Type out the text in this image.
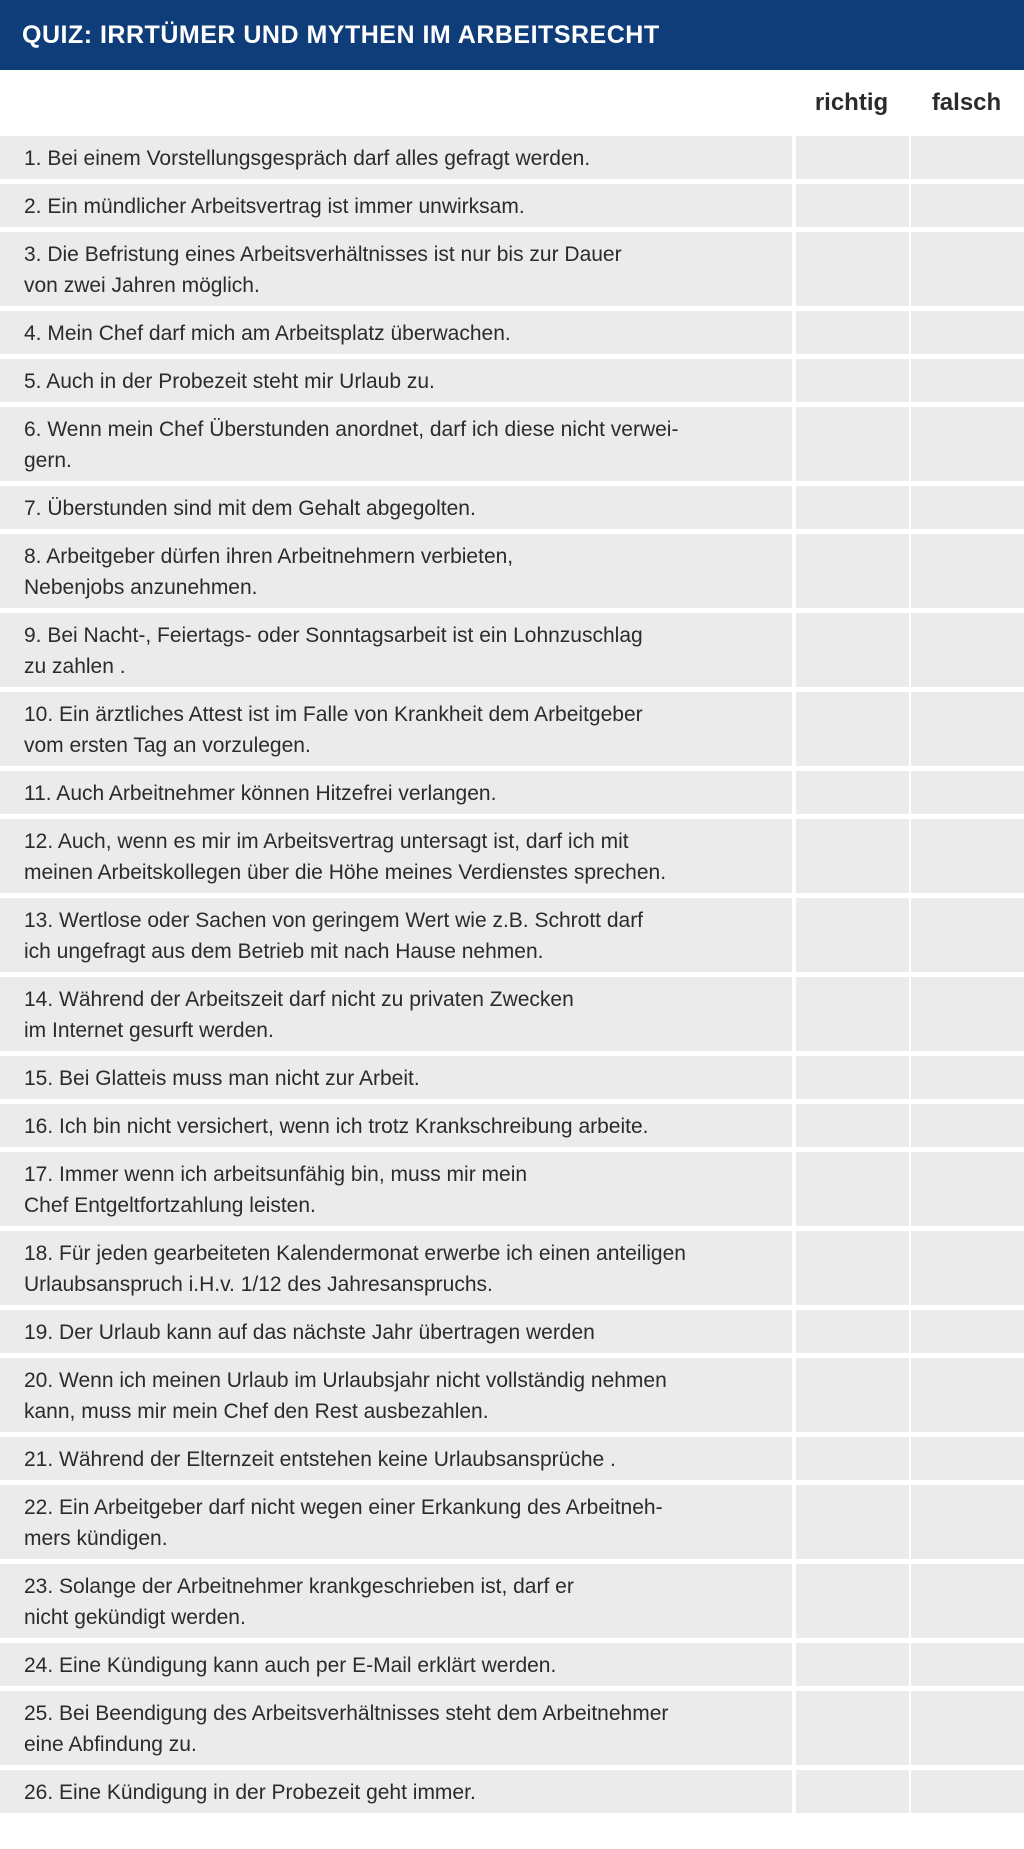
QUIZ: IRRTÜMER UND MYTHEN IM ARBEITSRECHT
richtig	falsch
1. Bei einem Vorstellungsgespräch darf alles gefragt werden.
2. Ein mündlicher Arbeitsvertrag ist immer unwirksam.
3. Die Befristung eines Arbeitsverhältnisses ist nur bis zur Dauer
von zwei Jahren möglich.
4. Mein Chef darf mich am Arbeitsplatz überwachen.
5. Auch in der Probezeit steht mir Urlaub zu.
6. Wenn mein Chef Überstunden anordnet, darf ich diese nicht verwei-
gern.
7. Überstunden sind mit dem Gehalt abgegolten.
8. Arbeitgeber dürfen ihren Arbeitnehmern verbieten,
Nebenjobs anzunehmen.
9. Bei Nacht-, Feiertags- oder Sonntagsarbeit ist ein Lohnzuschlag
zu zahlen .
10. Ein ärztliches Attest ist im Falle von Krankheit dem Arbeitgeber
vom ersten Tag an vorzulegen.
11. Auch Arbeitnehmer können Hitzefrei verlangen.
12. Auch, wenn es mir im Arbeitsvertrag untersagt ist, darf ich mit
meinen Arbeitskollegen über die Höhe meines Verdienstes sprechen.
13. Wertlose oder Sachen von geringem Wert wie z.B. Schrott darf
ich ungefragt aus dem Betrieb mit nach Hause nehmen.
14. Während der Arbeitszeit darf nicht zu privaten Zwecken
im Internet gesurft werden.
15. Bei Glatteis muss man nicht zur Arbeit.
16. Ich bin nicht versichert, wenn ich trotz Krankschreibung arbeite.
17. Immer wenn ich arbeitsunfähig bin, muss mir mein
Chef Entgeltfortzahlung leisten.
18. Für jeden gearbeiteten Kalendermonat erwerbe ich einen anteiligen
Urlaubsanspruch i.H.v. 1/12 des Jahresanspruchs.
19. Der Urlaub kann auf das nächste Jahr übertragen werden
20. Wenn ich meinen Urlaub im Urlaubsjahr nicht vollständig nehmen
kann, muss mir mein Chef den Rest ausbezahlen.
21. Während der Elternzeit entstehen keine Urlaubsansprüche .
22. Ein Arbeitgeber darf nicht wegen einer Erkankung des Arbeitneh-
mers kündigen.
23. Solange der Arbeitnehmer krankgeschrieben ist, darf er
nicht gekündigt werden.
24. Eine Kündigung kann auch per E-Mail erklärt werden.
25. Bei Beendigung des Arbeitsverhältnisses steht dem Arbeitnehmer
eine Abfindung zu.
26. Eine Kündigung in der Probezeit geht immer.
